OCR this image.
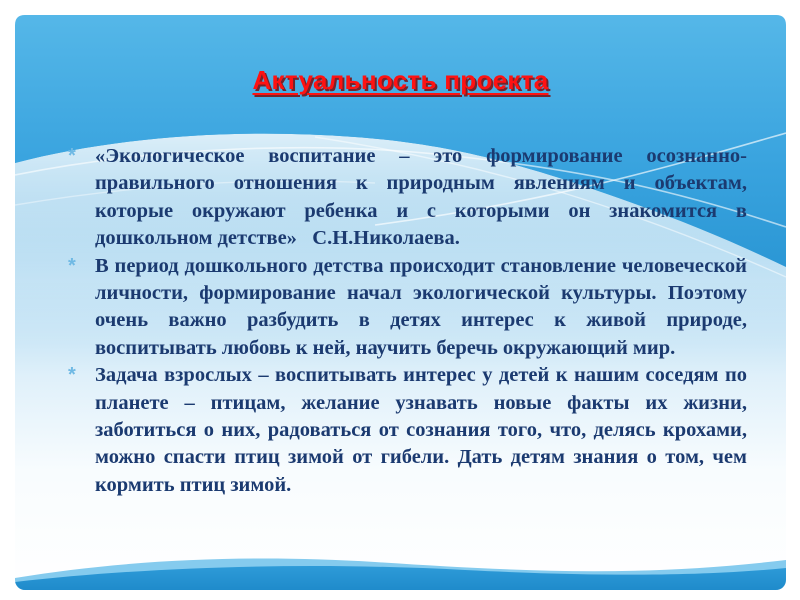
Актуальность проекта
* «Экологическое воспитание – это формирование осознанно-правильного отношения к природным явлениям и объектам, которые окружают ребенка и с которыми он знакомится в дошкольном детстве»   С.Н.Николаева.

* В период дошкольного детства происходит становление человеческой личности, формирование начал экологической культуры. Поэтому очень важно разбудить в детях интерес к живой природе, воспитывать любовь к ней, научить беречь окружающий мир.

* Задача взрослых – воспитывать интерес у детей к нашим соседям по планете – птицам, желание узнавать новые факты их жизни, заботиться о них, радоваться от сознания того, что, делясь крохами, можно спасти птиц зимой от гибели. Дать детям знания о том, чем кормить птиц зимой.
